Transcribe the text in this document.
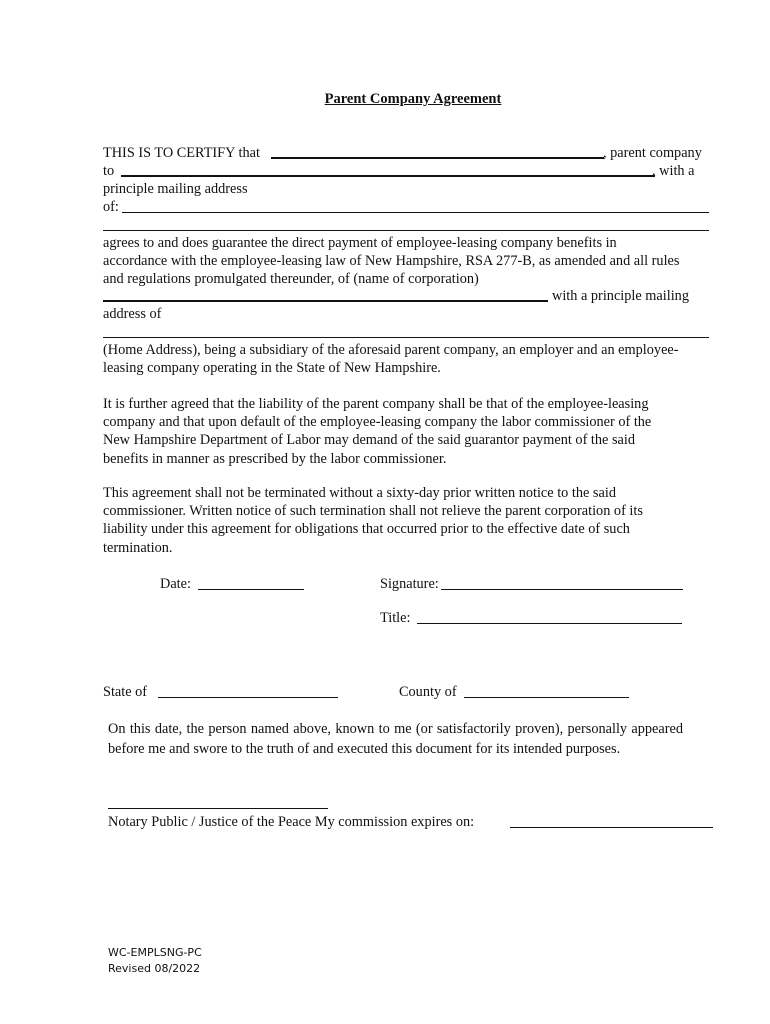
Parent Company Agreement
THIS IS TO CERTIFY that	, parent company
to	, with a
principle mailing address
of:

agrees to and does guarantee the direct payment of employee-leasing company benefits in

accordance with the employee-leasing law of New Hampshire, RSA 277-B, as amended and all rules

and regulations promulgated thereunder, of (name of corporation)

with a principle mailing
address of

(Home Address), being a subsidiary of the aforesaid parent company, an employer and an employee-

leasing company operating in the State of New Hampshire.

It is further agreed that the liability of the parent company shall be that of the employee-leasing

company and that upon default of the employee-leasing company the labor commissioner of the

New Hampshire Department of Labor may demand of the said guarantor payment of the said

benefits in manner as prescribed by the labor commissioner.

This agreement shall not be terminated without a sixty-day prior written notice to the said

commissioner. Written notice of such termination shall not relieve the parent corporation of its

liability under this agreement for obligations that occurred prior to the effective date of such

termination.

Date:	Signature:
Title:
State of	County of
On this date, the person named above, known to me (or satisfactorily proven), personally appeared before me and swore to the truth of and executed this document for its intended purposes.
Notary Public / Justice of the Peace My commission expires on:
WC-EMPLSNG-PC
Revised 08/2022
